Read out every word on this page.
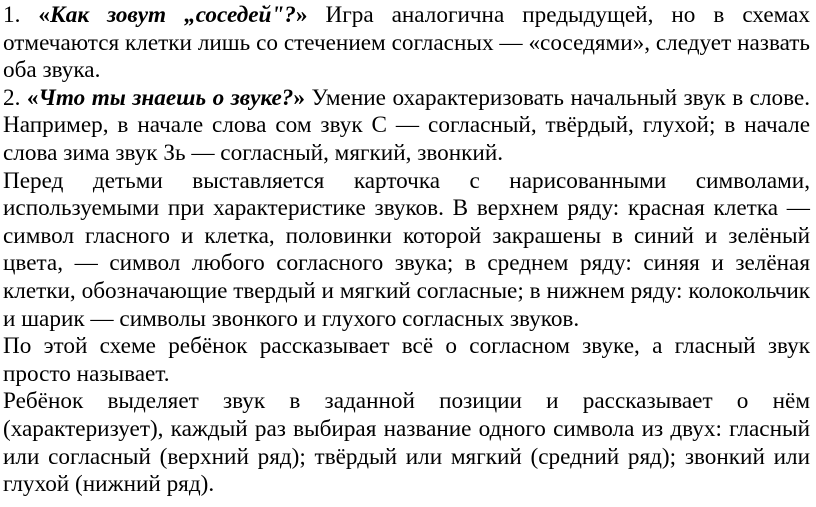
1. «Как зовут „соседей"?» Игра аналогична предыдущей, но в схемах отмечаются клетки лишь со стечением согласных — «соседями», следует назвать оба звука.

2. «Что ты знаешь о звуке?» Умение охарактеризовать начальный звук в слове. Например, в начале слова сом звук С — согласный, твёрдый, глухой; в начале слова зима звук Зь — согласный, мягкий, звонкий.

Перед детьми выставляется карточка с нарисованными символами, используемыми при характеристике звуков. В верхнем ряду: красная клетка — символ гласного и клетка, половинки которой закрашены в синий и зелёный цвета, — символ любого согласного звука; в среднем ряду: синяя и зелёная клетки, обозначающие твердый и мягкий согласные; в нижнем ряду: колокольчик и шарик — символы звонкого и глухого согласных звуков.

По этой схеме ребёнок рассказывает всё о согласном звуке, а гласный звук просто называет.

Ребёнок выделяет звук в заданной позиции и рассказывает о нём (характеризует), каждый раз выбирая название одного символа из двух: гласный или согласный (верхний ряд); твёрдый или мягкий (средний ряд); звонкий или глухой (нижний ряд).
